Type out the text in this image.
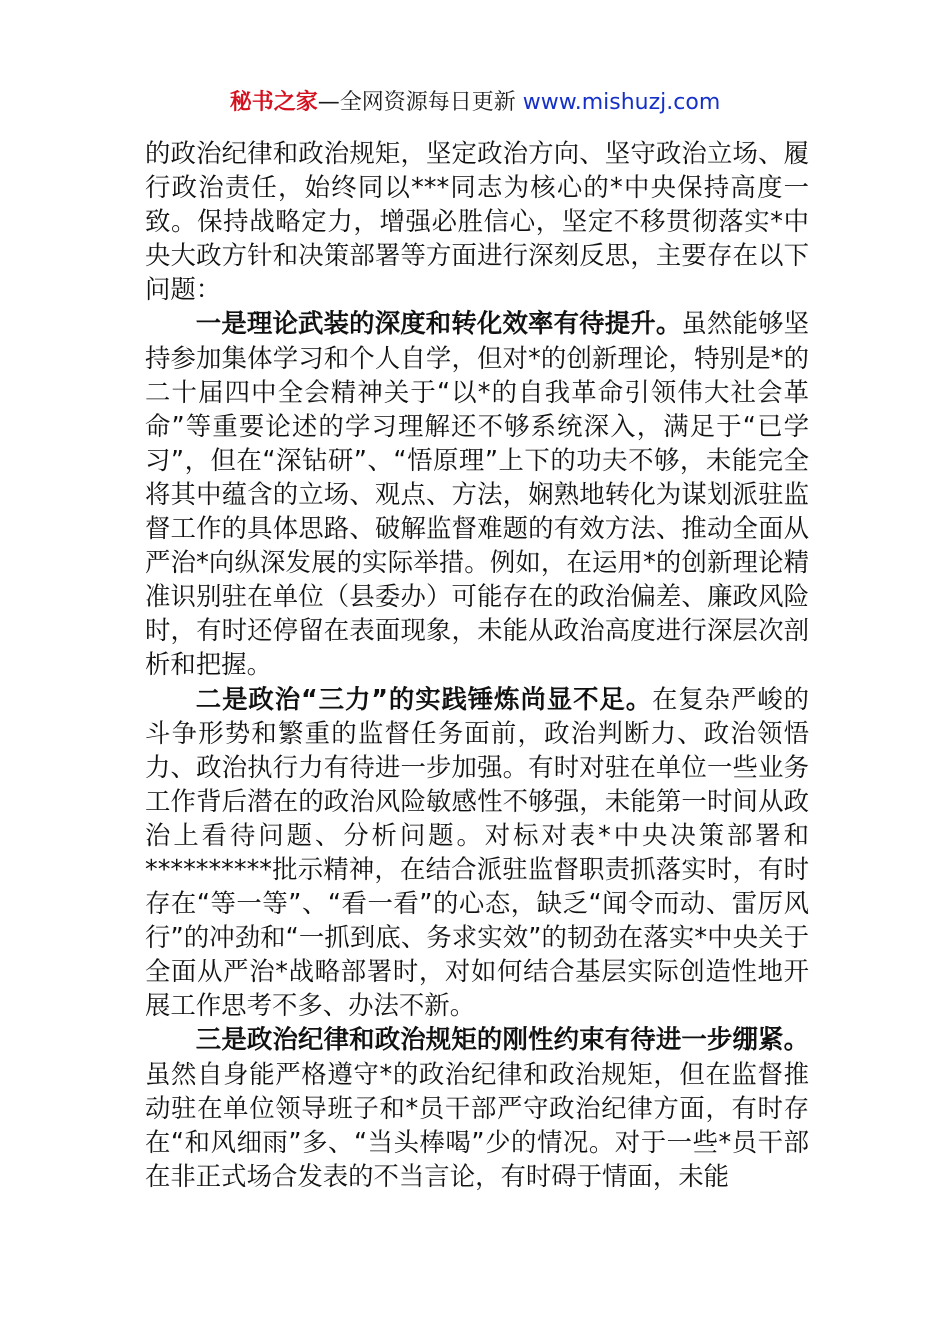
秘书之家—全网资源每日更新 www.mishuzj.com

的政治纪律和政治规矩，坚定政治方向、坚守政治立场、履行政治责任，始终同以***同志为核心的*中央保持高度一致。保持战略定力，增强必胜信心，坚定不移贯彻落实*中央大政方针和决策部署等方面进行深刻反思，主要存在以下问题：

一是理论武装的深度和转化效率有待提升。虽然能够坚持参加集体学习和个人自学，但对*的创新理论，特别是*的二十届四中全会精神关于“以*的自我革命引领伟大社会革命”等重要论述的学习理解还不够系统深入，满足于“已学习”，但在“深钻研”、“悟原理”上下的功夫不够，未能完全将其中蕴含的立场、观点、方法，娴熟地转化为谋划派驻监督工作的具体思路、破解监督难题的有效方法、推动全面从严治*向纵深发展的实际举措。例如，在运用*的创新理论精准识别驻在单位（县委办）可能存在的政治偏差、廉政风险时，有时还停留在表面现象，未能从政治高度进行深层次剖析和把握。

二是政治“三力”的实践锤炼尚显不足。在复杂严峻的斗争形势和繁重的监督任务面前，政治判断力、政治领悟力、政治执行力有待进一步加强。有时对驻在单位一些业务工作背后潜在的政治风险敏感性不够强，未能第一时间从政治上看待问题、分析问题。对标对表*中央决策部署和**********批示精神，在结合派驻监督职责抓落实时，有时存在“等一等”、“看一看”的心态，缺乏“闻令而动、雷厉风行”的冲劲和“一抓到底、务求实效”的韧劲在落实*中央关于全面从严治*战略部署时，对如何结合基层实际创造性地开展工作思考不多、办法不新。

三是政治纪律和政治规矩的刚性约束有待进一步绷紧。虽然自身能严格遵守*的政治纪律和政治规矩，但在监督推动驻在单位领导班子和*员干部严守政治纪律方面，有时存在“和风细雨”多、“当头棒喝”少的情况。对于一些*员干部在非正式场合发表的不当言论，有时碍于情面，未能
